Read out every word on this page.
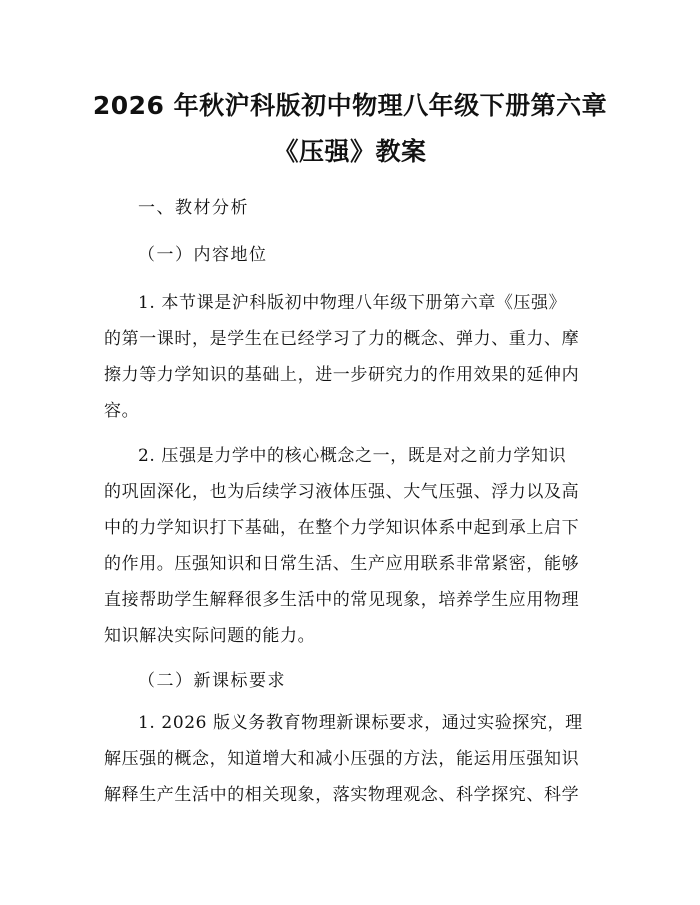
2026 年秋沪科版初中物理八年级下册第六章
《压强》教案
一、教材分析
（一）内容地位
1. 本节课是沪科版初中物理八年级下册第六章《压强》
的第一课时，是学生在已经学习了力的概念、弹力、重力、摩
擦力等力学知识的基础上，进一步研究力的作用效果的延伸内
容。
2. 压强是力学中的核心概念之一，既是对之前力学知识
的巩固深化，也为后续学习液体压强、大气压强、浮力以及高
中的力学知识打下基础，在整个力学知识体系中起到承上启下
的作用。压强知识和日常生活、生产应用联系非常紧密，能够
直接帮助学生解释很多生活中的常见现象，培养学生应用物理
知识解决实际问题的能力。
（二）新课标要求
1. 2026 版义务教育物理新课标要求，通过实验探究，理
解压强的概念，知道增大和减小压强的方法，能运用压强知识
解释生产生活中的相关现象，落实物理观念、科学探究、科学
